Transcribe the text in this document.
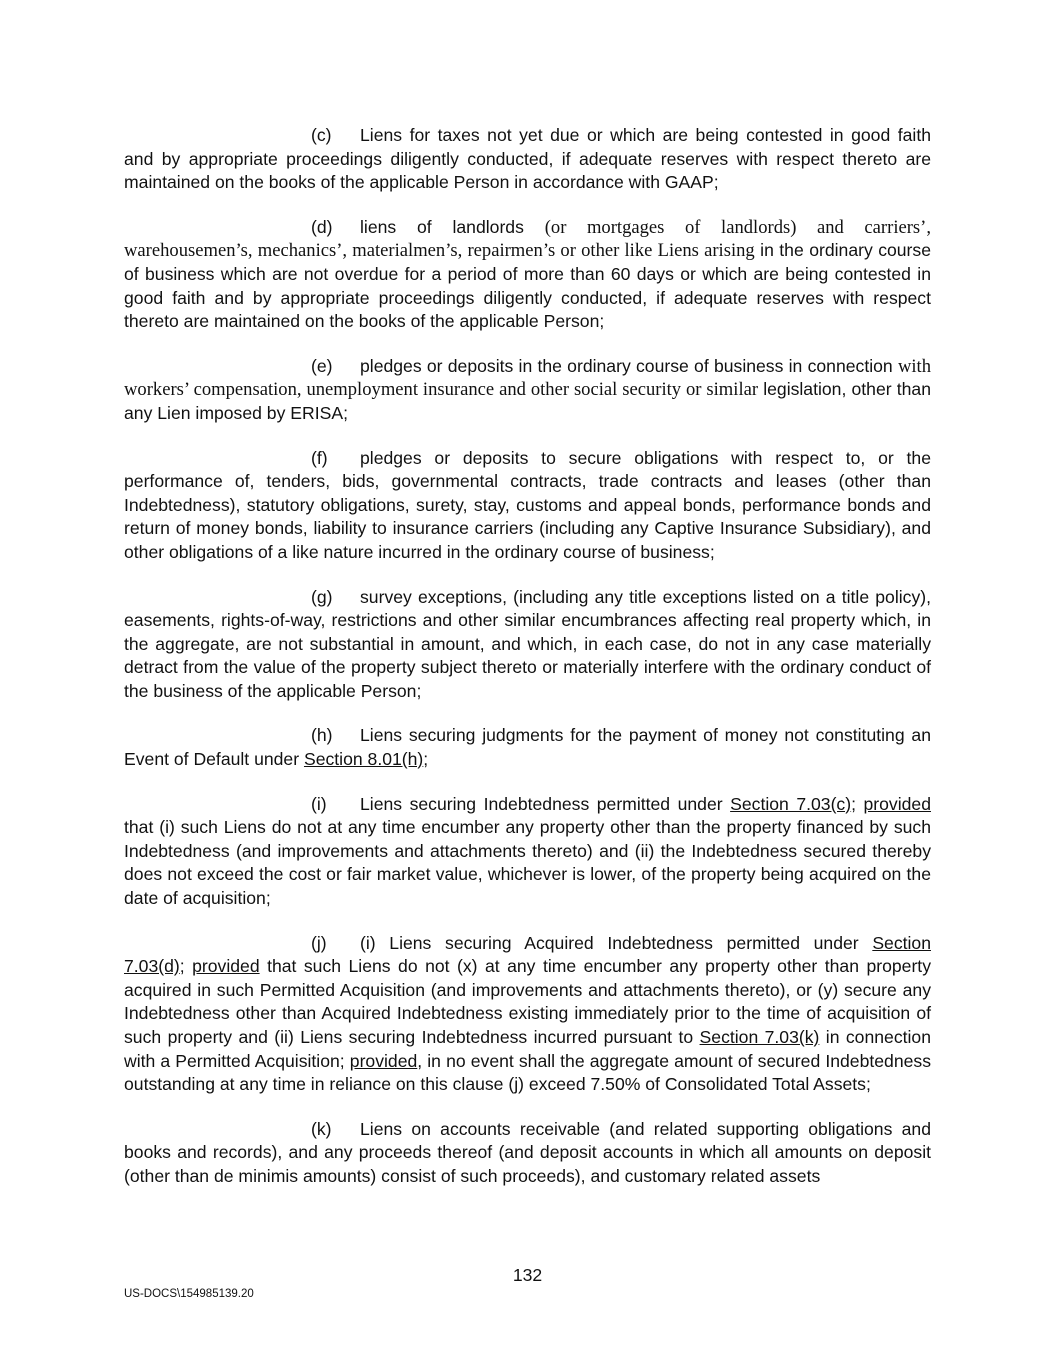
(c) Liens for taxes not yet due or which are being contested in good faith and by appropriate proceedings diligently conducted, if adequate reserves with respect thereto are maintained on the books of the applicable Person in accordance with GAAP;

(d) liens of landlords (or mortgages of landlords) and carriers’, warehousemen’s, mechanics’, materialmen’s, repairmen’s or other like Liens arising in the ordinary course of business which are not overdue for a period of more than 60 days or which are being contested in good faith and by appropriate proceedings diligently conducted, if adequate reserves with respect thereto are maintained on the books of the applicable Person;

(e) pledges or deposits in the ordinary course of business in connection with workers’ compensation, unemployment insurance and other social security or similar legislation, other than any Lien imposed by ERISA;

(f) pledges or deposits to secure obligations with respect to, or the performance of, tenders, bids, governmental contracts, trade contracts and leases (other than Indebtedness), statutory obligations, surety, stay, customs and appeal bonds, performance bonds and return of money bonds, liability to insurance carriers (including any Captive Insurance Subsidiary), and other obligations of a like nature incurred in the ordinary course of business;

(g) survey exceptions, (including any title exceptions listed on a title policy), easements, rights-of-way, restrictions and other similar encumbrances affecting real property which, in the aggregate, are not substantial in amount, and which, in each case, do not in any case materially detract from the value of the property subject thereto or materially interfere with the ordinary conduct of the business of the applicable Person;

(h) Liens securing judgments for the payment of money not constituting an Event of Default under Section 8.01(h);

(i) Liens securing Indebtedness permitted under Section 7.03(c); provided that (i) such Liens do not at any time encumber any property other than the property financed by such Indebtedness (and improvements and attachments thereto) and (ii) the Indebtedness secured thereby does not exceed the cost or fair market value, whichever is lower, of the property being acquired on the date of acquisition;

(j) (i) Liens securing Acquired Indebtedness permitted under Section 7.03(d); provided that such Liens do not (x) at any time encumber any property other than property acquired in such Permitted Acquisition (and improvements and attachments thereto), or (y) secure any Indebtedness other than Acquired Indebtedness existing immediately prior to the time of acquisition of such property and (ii) Liens securing Indebtedness incurred pursuant to Section 7.03(k) in connection with a Permitted Acquisition; provided, in no event shall the aggregate amount of secured Indebtedness outstanding at any time in reliance on this clause (j) exceed 7.50% of Consolidated Total Assets;

(k) Liens on accounts receivable (and related supporting obligations and books and records), and any proceeds thereof (and deposit accounts in which all amounts on deposit (other than de minimis amounts) consist of such proceeds), and customary related assets

132
US-DOCS\154985139.20
